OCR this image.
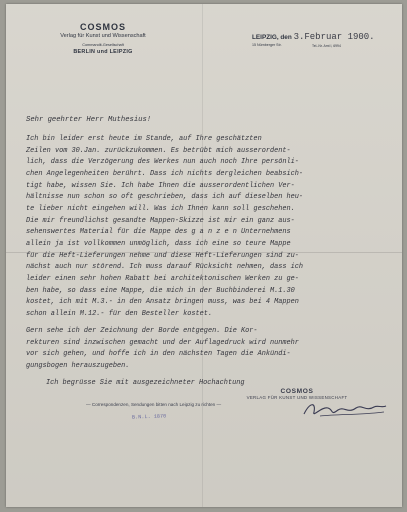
COSMOS
Verlag für Kunst und Wissenschaft
Commandit-Gesellschaft
BERLIN und LEIPZIG
LEIPZIG, den 3.Februar 1900.
15 Nürnberger Str.	Tel.-Nr. Amt I, 6994
Sehr geehrter Herr Muthesius!
Ich bin leider erst heute im Stande, auf Ihre geschätzten
Zeilen vom 30.Jan. zurückzukommen. Es betrübt mich ausserordent-
lich, dass die Verzögerung des Werkes nun auch noch Ihre persönli-
chen Angelegenheiten berührt. Dass ich nichts dergleichen beabsich-
tigt habe, wissen Sie. Ich habe Ihnen die ausserordentlichen Ver-
hältnisse nun schon so oft geschrieben, dass ich auf dieselben heu-
te lieber nicht eingehen will. Was ich Ihnen kann soll geschehen.
Die mir freundlichst gesandte Mappen-Skizze ist mir ein ganz aus-
sehenswertes Material für die Mappe des g a n z e n Unternehmens
allein ja ist vollkommen unmöglich, dass ich eine so teure Mappe
für die Heft-Lieferungen nehme und diese Heft-Lieferungen sind zu-
nächst auch nur störend. Ich muss darauf Rücksicht nehmen, dass ich
leider einen sehr hohen Rabatt bei architektonischen Werken zu ge-
ben habe, so dass eine Mappe, die mich in der Buchbinderei M.1.30
kostet, ich mit M.3.- in den Ansatz bringen muss, was bei 4 Mappen
schon allein M.12.- für den Besteller kostet.
Gern sehe ich der Zeichnung der Borde entgegen. Die Kor-
rekturen sind inzwischen gemacht und der Auflagedruck wird nunmehr
vor sich gehen, und hoffe ich in den nächsten Tagen die Ankündi-
gungsbogen herauszugeben.
Ich begrüsse Sie mit ausgezeichneter Hochachtung
COSMOS
VERLAG FÜR KUNST UND WISSENSCHAFT
— Correspondenzen, Sendungen bitten nach Leipzig zu richten —
B.N.L. 1870
